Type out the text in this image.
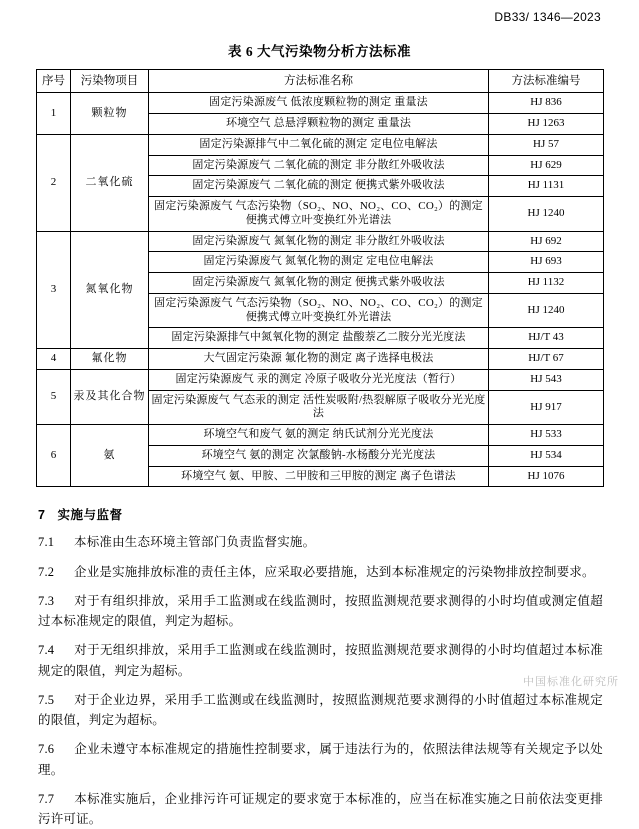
DB33/ 1346—2023
表 6 大气污染物分析方法标准
序号	污染物项目	方法标准名称	方法标准编号
1	颗粒物	固定污染源废气 低浓度颗粒物的测定 重量法	HJ 836
		环境空气 总悬浮颗粒物的测定 重量法	HJ 1263
2	二氧化硫	固定污染源排气中二氧化硫的测定 定电位电解法	HJ 57
		固定污染源废气 二氧化硫的测定 非分散红外吸收法	HJ 629
		固定污染源废气 二氧化硫的测定 便携式紫外吸收法	HJ 1131
		固定污染源废气 气态污染物（SO₂、NO、NO₂、CO、CO₂）的测定 便携式傅立叶变换红外光谱法	HJ 1240
3	氮氧化物	固定污染源废气 氮氧化物的测定 非分散红外吸收法	HJ 692
		固定污染源废气 氮氧化物的测定 定电位电解法	HJ 693
		固定污染源废气 氮氧化物的测定 便携式紫外吸收法	HJ 1132
		固定污染源废气 气态污染物（SO₂、NO、NO₂、CO、CO₂）的测定 便携式傅立叶变换红外光谱法	HJ 1240
		固定污染源排气中氮氧化物的测定 盐酸萘乙二胺分光光度法	HJ/T 43
4	氟化物	大气固定污染源 氟化物的测定 离子选择电极法	HJ/T 67
5	汞及其化合物	固定污染源废气 汞的测定 冷原子吸收分光光度法（暂行）	HJ 543
		固定污染源废气 气态汞的测定 活性炭吸附/热裂解原子吸收分光光度法	HJ 917
6	氨	环境空气和废气 氨的测定 纳氏试剂分光光度法	HJ 533
		环境空气 氨的测定 次氯酸钠-水杨酸分光光度法	HJ 534
		环境空气 氨、甲胺、二甲胺和三甲胺的测定 离子色谱法	HJ 1076
7 实施与监督
7.1 本标准由生态环境主管部门负责监督实施。
7.2 企业是实施排放标准的责任主体，应采取必要措施，达到本标准规定的污染物排放控制要求。
7.3 对于有组织排放，采用手工监测或在线监测时，按照监测规范要求测得的小时均值或测定值超过本标准规定的限值，判定为超标。
7.4 对于无组织排放，采用手工监测或在线监测时，按照监测规范要求测得的小时均值超过本标准规定的限值，判定为超标。
7.5 对于企业边界，采用手工监测或在线监测时，按照监测规范要求测得的小时值超过本标准规定的限值，判定为超标。
7.6 企业未遵守本标准规定的措施性控制要求，属于违法行为的，依照法律法规等有关规定予以处理。
7.7 本标准实施后，企业排污许可证规定的要求宽于本标准的，应当在标准实施之日前依法变更排污许可证。
中国标准化研究所
